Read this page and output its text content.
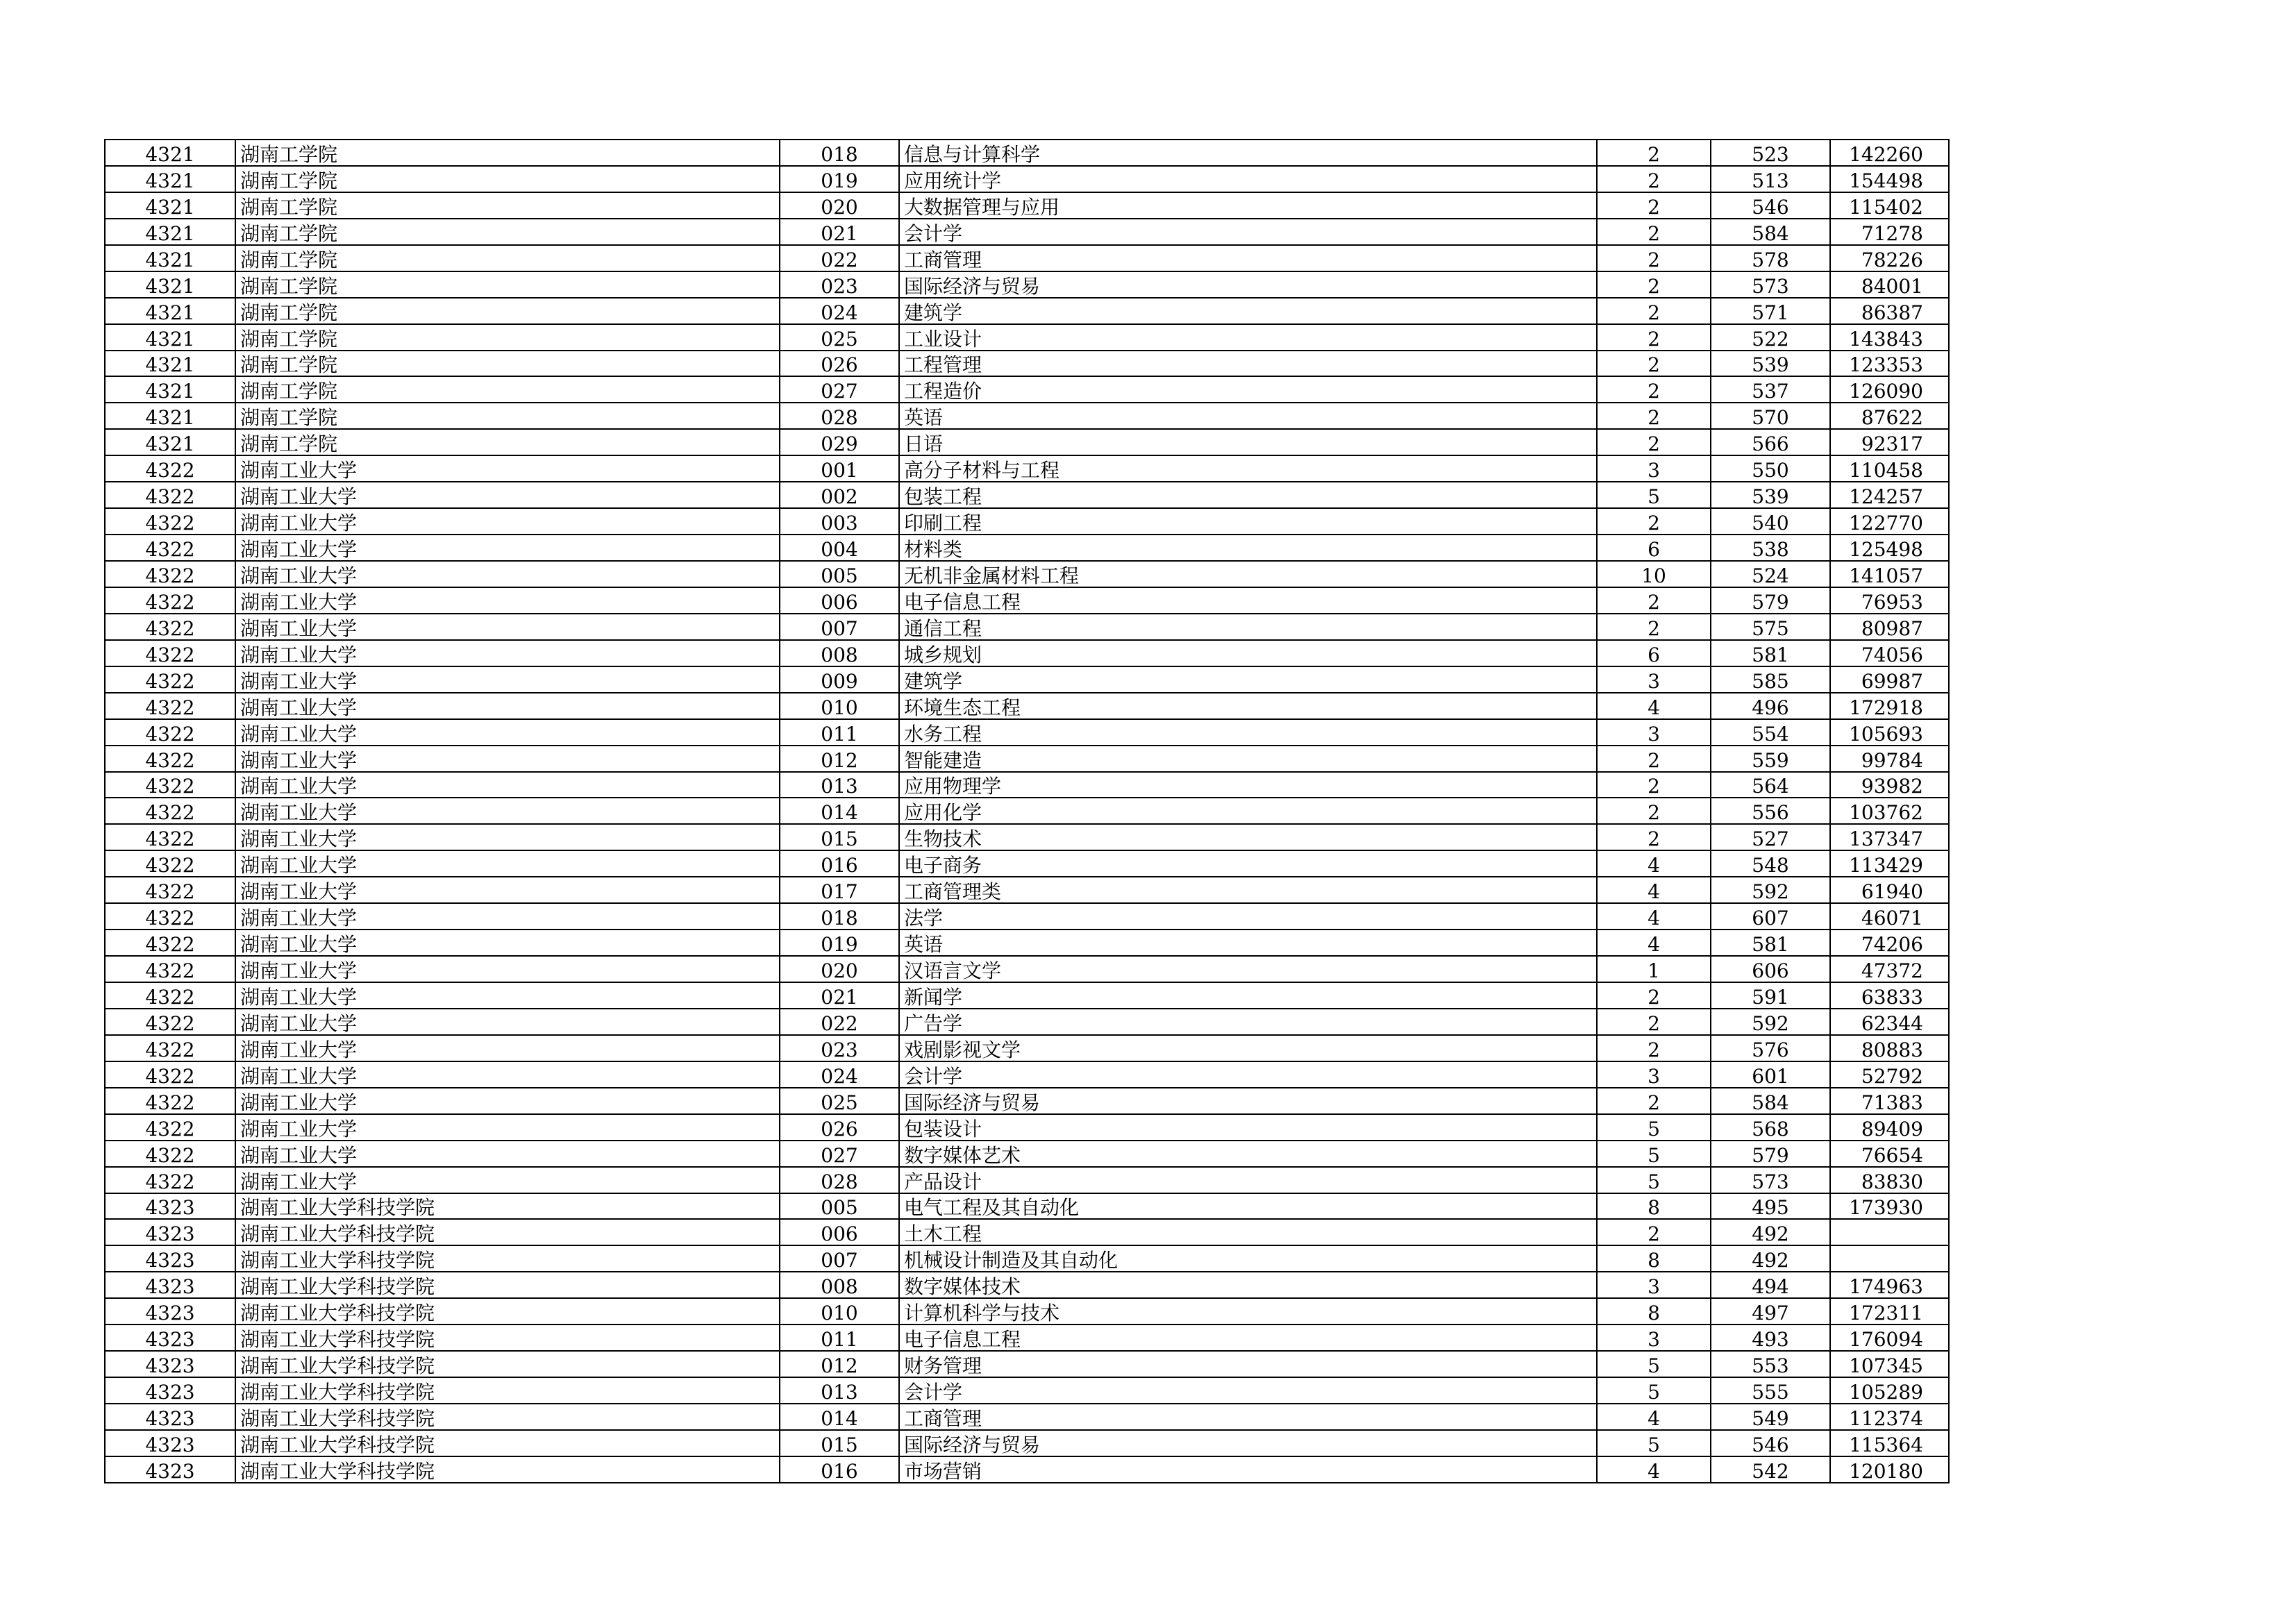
4321	湖南工学院	018	信息与计算科学	2	523	142260
4321	湖南工学院	019	应用统计学	2	513	154498
4321	湖南工学院	020	大数据管理与应用	2	546	115402
4321	湖南工学院	021	会计学	2	584	71278
4321	湖南工学院	022	工商管理	2	578	78226
4321	湖南工学院	023	国际经济与贸易	2	573	84001
4321	湖南工学院	024	建筑学	2	571	86387
4321	湖南工学院	025	工业设计	2	522	143843
4321	湖南工学院	026	工程管理	2	539	123353
4321	湖南工学院	027	工程造价	2	537	126090
4321	湖南工学院	028	英语	2	570	87622
4321	湖南工学院	029	日语	2	566	92317
4322	湖南工业大学	001	高分子材料与工程	3	550	110458
4322	湖南工业大学	002	包装工程	5	539	124257
4322	湖南工业大学	003	印刷工程	2	540	122770
4322	湖南工业大学	004	材料类	6	538	125498
4322	湖南工业大学	005	无机非金属材料工程	10	524	141057
4322	湖南工业大学	006	电子信息工程	2	579	76953
4322	湖南工业大学	007	通信工程	2	575	80987
4322	湖南工业大学	008	城乡规划	6	581	74056
4322	湖南工业大学	009	建筑学	3	585	69987
4322	湖南工业大学	010	环境生态工程	4	496	172918
4322	湖南工业大学	011	水务工程	3	554	105693
4322	湖南工业大学	012	智能建造	2	559	99784
4322	湖南工业大学	013	应用物理学	2	564	93982
4322	湖南工业大学	014	应用化学	2	556	103762
4322	湖南工业大学	015	生物技术	2	527	137347
4322	湖南工业大学	016	电子商务	4	548	113429
4322	湖南工业大学	017	工商管理类	4	592	61940
4322	湖南工业大学	018	法学	4	607	46071
4322	湖南工业大学	019	英语	4	581	74206
4322	湖南工业大学	020	汉语言文学	1	606	47372
4322	湖南工业大学	021	新闻学	2	591	63833
4322	湖南工业大学	022	广告学	2	592	62344
4322	湖南工业大学	023	戏剧影视文学	2	576	80883
4322	湖南工业大学	024	会计学	3	601	52792
4322	湖南工业大学	025	国际经济与贸易	2	584	71383
4322	湖南工业大学	026	包装设计	5	568	89409
4322	湖南工业大学	027	数字媒体艺术	5	579	76654
4322	湖南工业大学	028	产品设计	5	573	83830
4323	湖南工业大学科技学院	005	电气工程及其自动化	8	495	173930
4323	湖南工业大学科技学院	006	土木工程	2	492	
4323	湖南工业大学科技学院	007	机械设计制造及其自动化	8	492	
4323	湖南工业大学科技学院	008	数字媒体技术	3	494	174963
4323	湖南工业大学科技学院	010	计算机科学与技术	8	497	172311
4323	湖南工业大学科技学院	011	电子信息工程	3	493	176094
4323	湖南工业大学科技学院	012	财务管理	5	553	107345
4323	湖南工业大学科技学院	013	会计学	5	555	105289
4323	湖南工业大学科技学院	014	工商管理	4	549	112374
4323	湖南工业大学科技学院	015	国际经济与贸易	5	546	115364
4323	湖南工业大学科技学院	016	市场营销	4	542	120180
